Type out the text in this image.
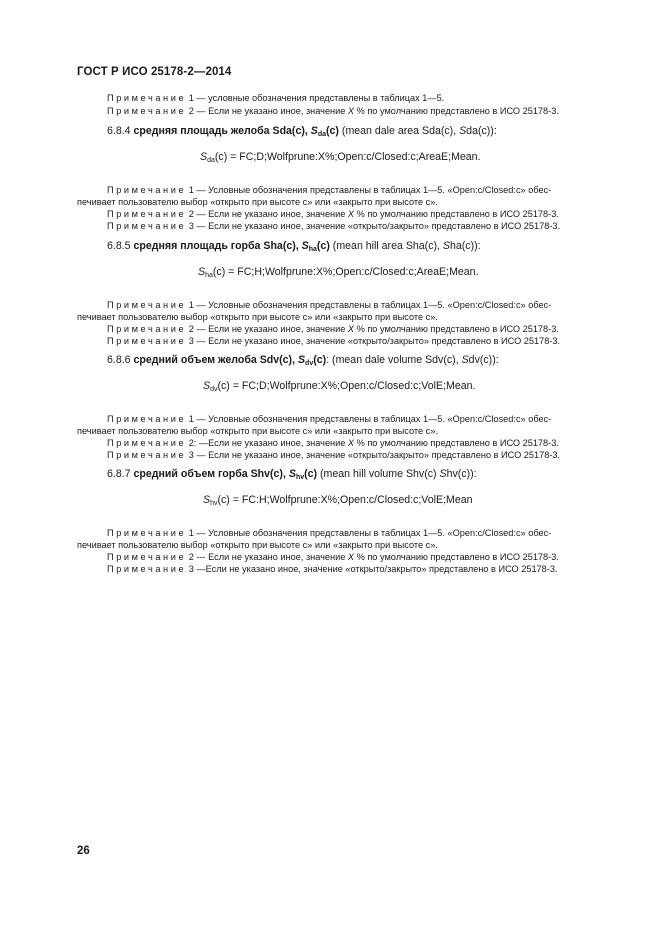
ГОСТ Р ИСО 25178-2—2014
Примечание 1 — условные обозначения представлены в таблицах 1—5.
Примечание 2 — Если не указано иное, значение X % по умолчанию представлено в ИСО 25178-3.
6.8.4 средняя площадь желоба Sda(с), $S_{da}(с)$ (mean dale area Sda(c), Sda(c)):
$S_{da}(c)$ = FC;D;Wolfprune:X%;Open:c/Closed:c;AreaE;Mean.
Примечание 1 — Условные обозначения представлены в таблицах 1—5. «Open:c/Closed:c» обес-
печивает пользователю выбор «открыто при высоте с» или «закрыто при высоте с».
Примечание 2 — Если не указано иное, значение X % по умолчанию представлено в ИСО 25178-3.
Примечание 3 — Если не указано иное, значение «открыто/закрыто» представлено в ИСО 25178-3.
6.8.5 средняя площадь горба Sha(с), $S_{ha}(с)$ (mean hill area Sha(c), Sha(c)):
$S_{ha}(c)$ = FC;H;Wolfprune:X%;Open:c/Closed:c;AreaE;Mean.
Примечание 1 — Условные обозначения представлены в таблицах 1—5. «Open:c/Closed:c» обес-
печивает пользователю выбор «открыто при высоте с» или «закрыто при высоте с».
Примечание 2 — Если не указано иное, значение X % по умолчанию представлено в ИСО 25178-3.
Примечание 3 — Если не указано иное, значение «открыто/закрыто» представлено в ИСО 25178-3.
6.8.6 средний объем желоба Sdv(с), $S_{dv}(с)$: (mean dale volume Sdv(c), Sdv(c)):
$S_{dv}(c)$ = FC;D;Wolfprune:X%;Open:c/Closed:c;VolE;Mean.
Примечание 1 — Условные обозначения представлены в таблицах 1—5. «Open:c/Closed:c» обес-
печивает пользователю выбор «открыто при высоте с» или «закрыто при высоте с».
Примечание 2: —Если не указано иное, значение X % по умолчанию представлено в ИСО 25178-3.
Примечание 3 — Если не указано иное, значение «открыто/закрыто» представлено в ИСО 25178-3.
6.8.7 средний объем горба Shv(с), $S_{hv}(с)$ (mean hill volume Shv(c) Shv(c)):
$S_{hv}(c)$ = FC:H;Wolfprune:X%;Open:c/Closed:c;VolE;Mean
Примечание 1 — Условные обозначения представлены в таблицах 1—5. «Open:c/Closed:c» обес-
печивает пользователю выбор «открыто при высоте с» или «закрыто при высоте с».
Примечание 2 --- Если не указано иное, значение X % по умолчанию представлено в ИСО 25178-3.
Примечание 3 —Если не указано иное, значение «открыто/закрыто» представлено в ИСО 25178-3.
26
